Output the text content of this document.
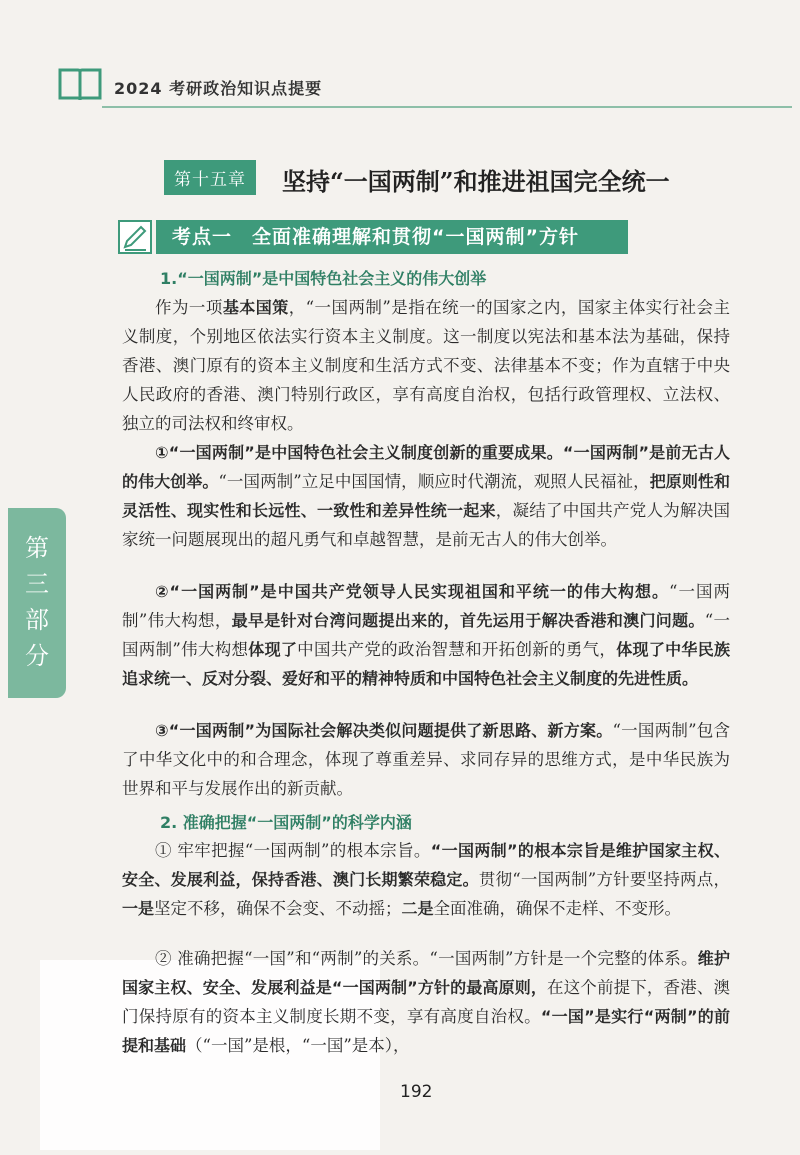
2024 考研政治知识点提要
第十五章	坚持“一国两制”和推进祖国完全统一
考点一　全面准确理解和贯彻“一国两制”方针
1.“一国两制”是中国特色社会主义的伟大创举

作为一项基本国策，“一国两制”是指在统一的国家之内，国家主体实行社会主义制度，个别地区依法实行资本主义制度。这一制度以宪法和基本法为基础，保持香港、澳门原有的资本主义制度和生活方式不变、法律基本不变；作为直辖于中央人民政府的香港、澳门特别行政区，享有高度自治权，包括行政管理权、立法权、独立的司法权和终审权。

①“一国两制”是中国特色社会主义制度创新的重要成果。“一国两制”是前无古人的伟大创举。“一国两制”立足中国国情，顺应时代潮流，观照人民福祉，把原则性和灵活性、现实性和长远性、一致性和差异性统一起来，凝结了中国共产党人为解决国家统一问题展现出的超凡勇气和卓越智慧，是前无古人的伟大创举。

②“一国两制”是中国共产党领导人民实现祖国和平统一的伟大构想。“一国两制”伟大构想，最早是针对台湾问题提出来的，首先运用于解决香港和澳门问题。“一国两制”伟大构想体现了中国共产党的政治智慧和开拓创新的勇气，体现了中华民族追求统一、反对分裂、爱好和平的精神特质和中国特色社会主义制度的先进性质。

③“一国两制”为国际社会解决类似问题提供了新思路、新方案。“一国两制”包含了中华文化中的和合理念，体现了尊重差异、求同存异的思维方式，是中华民族为世界和平与发展作出的新贡献。

2. 准确把握“一国两制”的科学内涵

① 牢牢把握“一国两制”的根本宗旨。“一国两制”的根本宗旨是维护国家主权、安全、发展利益，保持香港、澳门长期繁荣稳定。贯彻“一国两制”方针要坚持两点，一是坚定不移，确保不会变、不动摇；二是全面准确，确保不走样、不变形。

② 准确把握“一国”和“两制”的关系。“一国两制”方针是一个完整的体系。维护国家主权、安全、发展利益是“一国两制”方针的最高原则，在这个前提下，香港、澳门保持原有的资本主义制度长期不变，享有高度自治权。“一国”是实行“两制”的前提和基础（“一国”是根，“一国”是本），

第三部分
192
